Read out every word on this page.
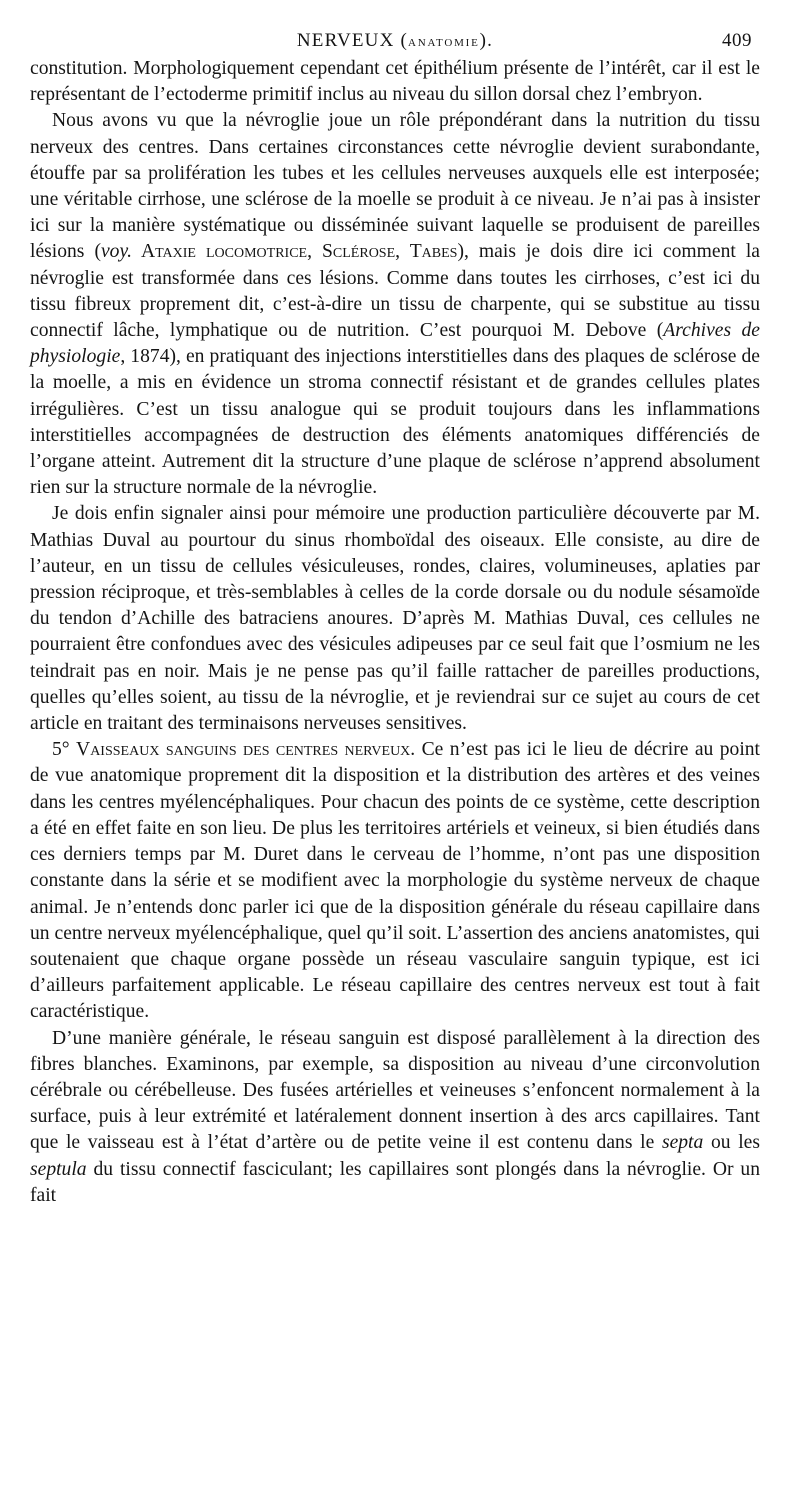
NERVEUX (anatomie).	409

constitution. Morphologiquement cependant cet épithélium présente de l’intérêt, car il est le représentant de l’ectoderme primitif inclus au niveau du sillon dorsal chez l’embryon.

Nous avons vu que la névroglie joue un rôle prépondérant dans la nutrition du tissu nerveux des centres. Dans certaines circonstances cette névroglie devient surabondante, étouffe par sa prolifération les tubes et les cellules nerveuses auxquels elle est interposée; une véritable cirrhose, une sclérose de la moelle se produit à ce niveau. Je n’ai pas à insister ici sur la manière systématique ou disséminée suivant laquelle se produisent de pareilles lésions (voy. Ataxie locomotrice, Sclérose, Tabes), mais je dois dire ici comment la névroglie est transformée dans ces lésions. Comme dans toutes les cirrhoses, c’est ici du tissu fibreux proprement dit, c’est-à-dire un tissu de charpente, qui se substitue au tissu connectif lâche, lymphatique ou de nutrition. C’est pourquoi M. Debove (Archives de physiologie, 1874), en pratiquant des injections interstitielles dans des plaques de sclérose de la moelle, a mis en évidence un stroma connectif résistant et de grandes cellules plates irrégulières. C’est un tissu analogue qui se produit toujours dans les inflammations interstitielles accompagnées de destruction des éléments anatomiques différenciés de l’organe atteint. Autrement dit la structure d’une plaque de sclérose n’apprend absolument rien sur la structure normale de la névroglie.

Je dois enfin signaler ainsi pour mémoire une production particulière découverte par M. Mathias Duval au pourtour du sinus rhomboïdal des oiseaux. Elle consiste, au dire de l’auteur, en un tissu de cellules vésiculeuses, rondes, claires, volumineuses, aplaties par pression réciproque, et très-semblables à celles de la corde dorsale ou du nodule sésamoïde du tendon d’Achille des batraciens anoures. D’après M. Mathias Duval, ces cellules ne pourraient être confondues avec des vésicules adipeuses par ce seul fait que l’osmium ne les teindrait pas en noir. Mais je ne pense pas qu’il faille rattacher de pareilles productions, quelles qu’elles soient, au tissu de la névroglie, et je reviendrai sur ce sujet au cours de cet article en traitant des terminaisons nerveuses sensitives.

5° Vaisseaux sanguins des centres nerveux. Ce n’est pas ici le lieu de décrire au point de vue anatomique proprement dit la disposition et la distribution des artères et des veines dans les centres myélencéphaliques. Pour chacun des points de ce système, cette description a été en effet faite en son lieu. De plus les territoires artériels et veineux, si bien étudiés dans ces derniers temps par M. Duret dans le cerveau de l’homme, n’ont pas une disposition constante dans la série et se modifient avec la morphologie du système nerveux de chaque animal. Je n’entends donc parler ici que de la disposition générale du réseau capillaire dans un centre nerveux myélencéphalique, quel qu’il soit. L’assertion des anciens anatomistes, qui soutenaient que chaque organe possède un réseau vasculaire sanguin typique, est ici d’ailleurs parfaitement applicable. Le réseau capillaire des centres nerveux est tout à fait caractéristique.

D’une manière générale, le réseau sanguin est disposé parallèlement à la direction des fibres blanches. Examinons, par exemple, sa disposition au niveau d’une circonvolution cérébrale ou cérébelleuse. Des fusées artérielles et veineuses s’enfoncent normalement à la surface, puis à leur extrémité et latéralement donnent insertion à des arcs capillaires. Tant que le vaisseau est à l’état d’artère ou de petite veine il est contenu dans le septa ou les septula du tissu connectif fasciculant; les capillaires sont plongés dans la névroglie. Or un fait
